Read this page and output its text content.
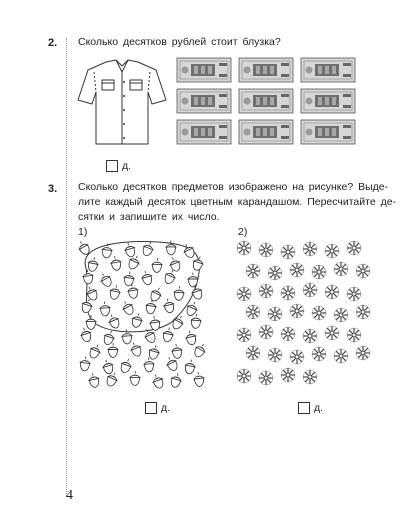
2. Сколько десятков рублей стоит блузка?
д.
3. Сколько десятков предметов изображено на рисунке? Выде-
лите каждый десяток цветным карандашом. Пересчитайте де-
сятки и запишите их число.
1)	2)
д.	д.
4
